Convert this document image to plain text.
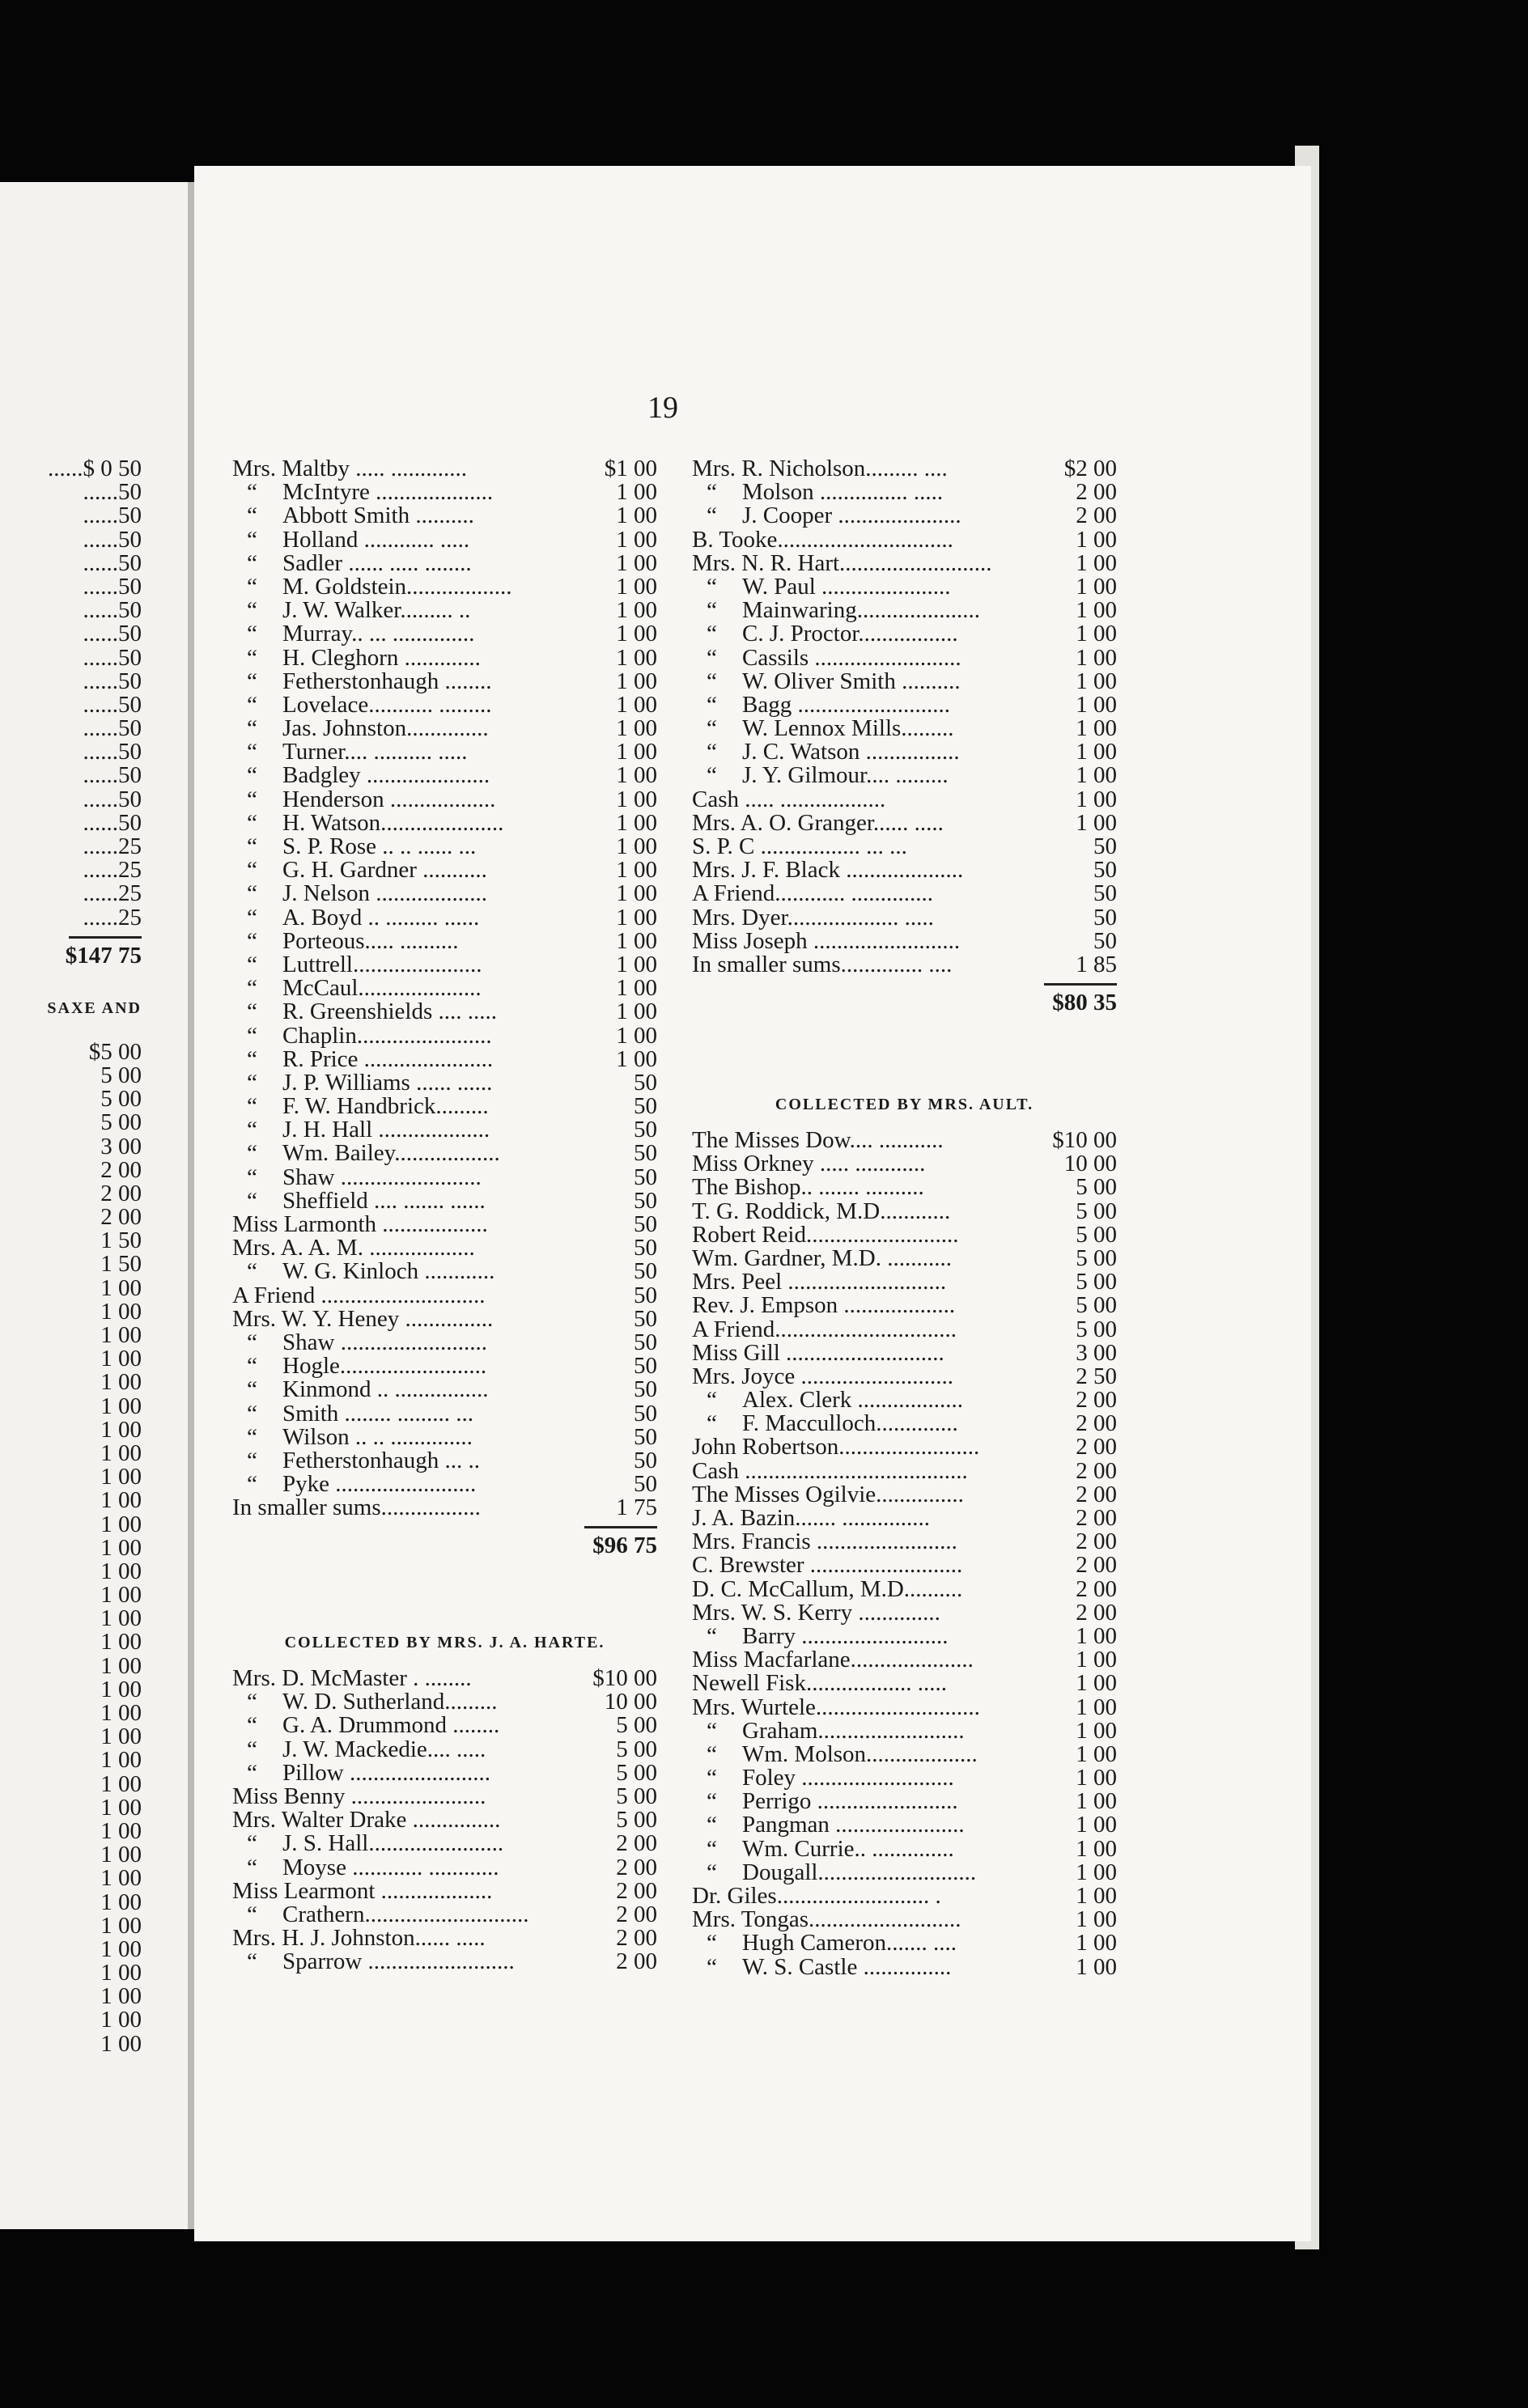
19
......$ 0 50
......50
......50
......50
......50
......50
......50
......50
......50
......50
......50
......50
......50
......50
......50
......50
......25
......25
......25
......25
$147 75
SAXE AND
$5 00
5 00
5 00
5 00
3 00
2 00
2 00
2 00
1 50
1 50
1 00
1 00
1 00
1 00
1 00
1 00
1 00
1 00
1 00
1 00
1 00
1 00
1 00
1 00
1 00
1 00
1 00
1 00
1 00
1 00
1 00
1 00
1 00
1 00
1 00
1 00
1 00
1 00
1 00
1 00
1 00
1 00
1 00
Mrs. Maltby ..... .............	$1 00
“ McIntyre ....................	1 00
“ Abbott Smith ..........	1 00
“ Holland ............ .....	1 00
“ Sadler ...... ..... ........	1 00
“ M. Goldstein..................	1 00
“ J. W. Walker......... ..	1 00
“ Murray.. ... ..............	1 00
“ H. Cleghorn .............	1 00
“ Fetherstonhaugh ........	1 00
“ Lovelace........... .........	1 00
“ Jas. Johnston..............	1 00
“ Turner.... .......... .....	1 00
“ Badgley .....................	1 00
“ Henderson ..................	1 00
“ H. Watson.....................	1 00
“ S. P. Rose .. .. ...... ...	1 00
“ G. H. Gardner ...........	1 00
“ J. Nelson ...................	1 00
“ A. Boyd .. ......... ......	1 00
“ Porteous..... ..........	1 00
“ Luttrell......................	1 00
“ McCaul.....................	1 00
“ R. Greenshields .... .....	1 00
“ Chaplin.......................	1 00
“ R. Price ......................	1 00
“ J. P. Williams ...... ......	50
“ F. W. Handbrick.........	50
“ J. H. Hall ...................	50
“ Wm. Bailey..................	50
“ Shaw ........................	50
“ Sheffield .... ....... ......	50
Miss Larmonth ..................	50
Mrs. A. A. M. ..................	50
“ W. G. Kinloch ............	50
A Friend ............................	50
Mrs. W. Y. Heney ...............	50
“ Shaw .........................	50
“ Hogle.........................	50
“ Kinmond .. ................	50
“ Smith ........ ......... ...	50
“ Wilson .. .. ..............	50
“ Fetherstonhaugh ... ..	50
“ Pyke ........................	50
In smaller sums.................	1 75
$96 75
Mrs. R. Nicholson......... ....	$2 00
“ Molson ............... .....	2 00
“ J. Cooper .....................	2 00
B. Tooke..............................	1 00
Mrs. N. R. Hart..........................	1 00
“ W. Paul ......................	1 00
“ Mainwaring.....................	1 00
“ C. J. Proctor.................	1 00
“ Cassils .........................	1 00
“ W. Oliver Smith ..........	1 00
“ Bagg ..........................	1 00
“ W. Lennox Mills.........	1 00
“ J. C. Watson ................	1 00
“ J. Y. Gilmour.... .........	1 00
Cash ..... ..................	1 00
Mrs. A. O. Granger...... .....	1 00
S. P. C ................. ... ...	50
Mrs. J. F. Black ....................	50
A Friend............ ..............	50
Mrs. Dyer................... .....	50
Miss Joseph .........................	50
In smaller sums.............. ....	1 85
$80 35
COLLECTED BY MRS. AULT.
The Misses Dow.... ...........	$10 00
Miss Orkney ..... ............	10 00
The Bishop.. ....... ..........	5 00
T. G. Roddick, M.D............	5 00
Robert Reid..........................	5 00
Wm. Gardner, M.D. ...........	5 00
Mrs. Peel ...........................	5 00
Rev. J. Empson ...................	5 00
A Friend...............................	5 00
Miss Gill ...........................	3 00
Mrs. Joyce ..........................	2 50
“ Alex. Clerk ..................	2 00
“ F. Macculloch..............	2 00
John Robertson........................	2 00
Cash ......................................	2 00
The Misses Ogilvie...............	2 00
J. A. Bazin....... ...............	2 00
Mrs. Francis ........................	2 00
C. Brewster ..........................	2 00
D. C. McCallum, M.D..........	2 00
Mrs. W. S. Kerry ..............	2 00
“ Barry .........................	1 00
Miss Macfarlane.....................	1 00
Newell Fisk.................. .....	1 00
Mrs. Wurtele............................	1 00
“ Graham.........................	1 00
“ Wm. Molson...................	1 00
“ Foley ..........................	1 00
“ Perrigo ........................	1 00
“ Pangman ......................	1 00
“ Wm. Currie.. ..............	1 00
“ Dougall...........................	1 00
Dr. Giles.......................... .	1 00
Mrs. Tongas..........................	1 00
“ Hugh Cameron....... ....	1 00
“ W. S. Castle ...............	1 00
COLLECTED BY MRS. J. A. HARTE.
Mrs. D. McMaster . ........	$10 00
“ W. D. Sutherland.........	10 00
“ G. A. Drummond ........	5 00
“ J. W. Mackedie.... .....	5 00
“ Pillow ........................	5 00
Miss Benny .......................	5 00
Mrs. Walter Drake ...............	5 00
“ J. S. Hall.......................	2 00
“ Moyse ............ ............	2 00
Miss Learmont ...................	2 00
“ Crathern............................	2 00
Mrs. H. J. Johnston...... .....	2 00
“ Sparrow .........................	2 00
